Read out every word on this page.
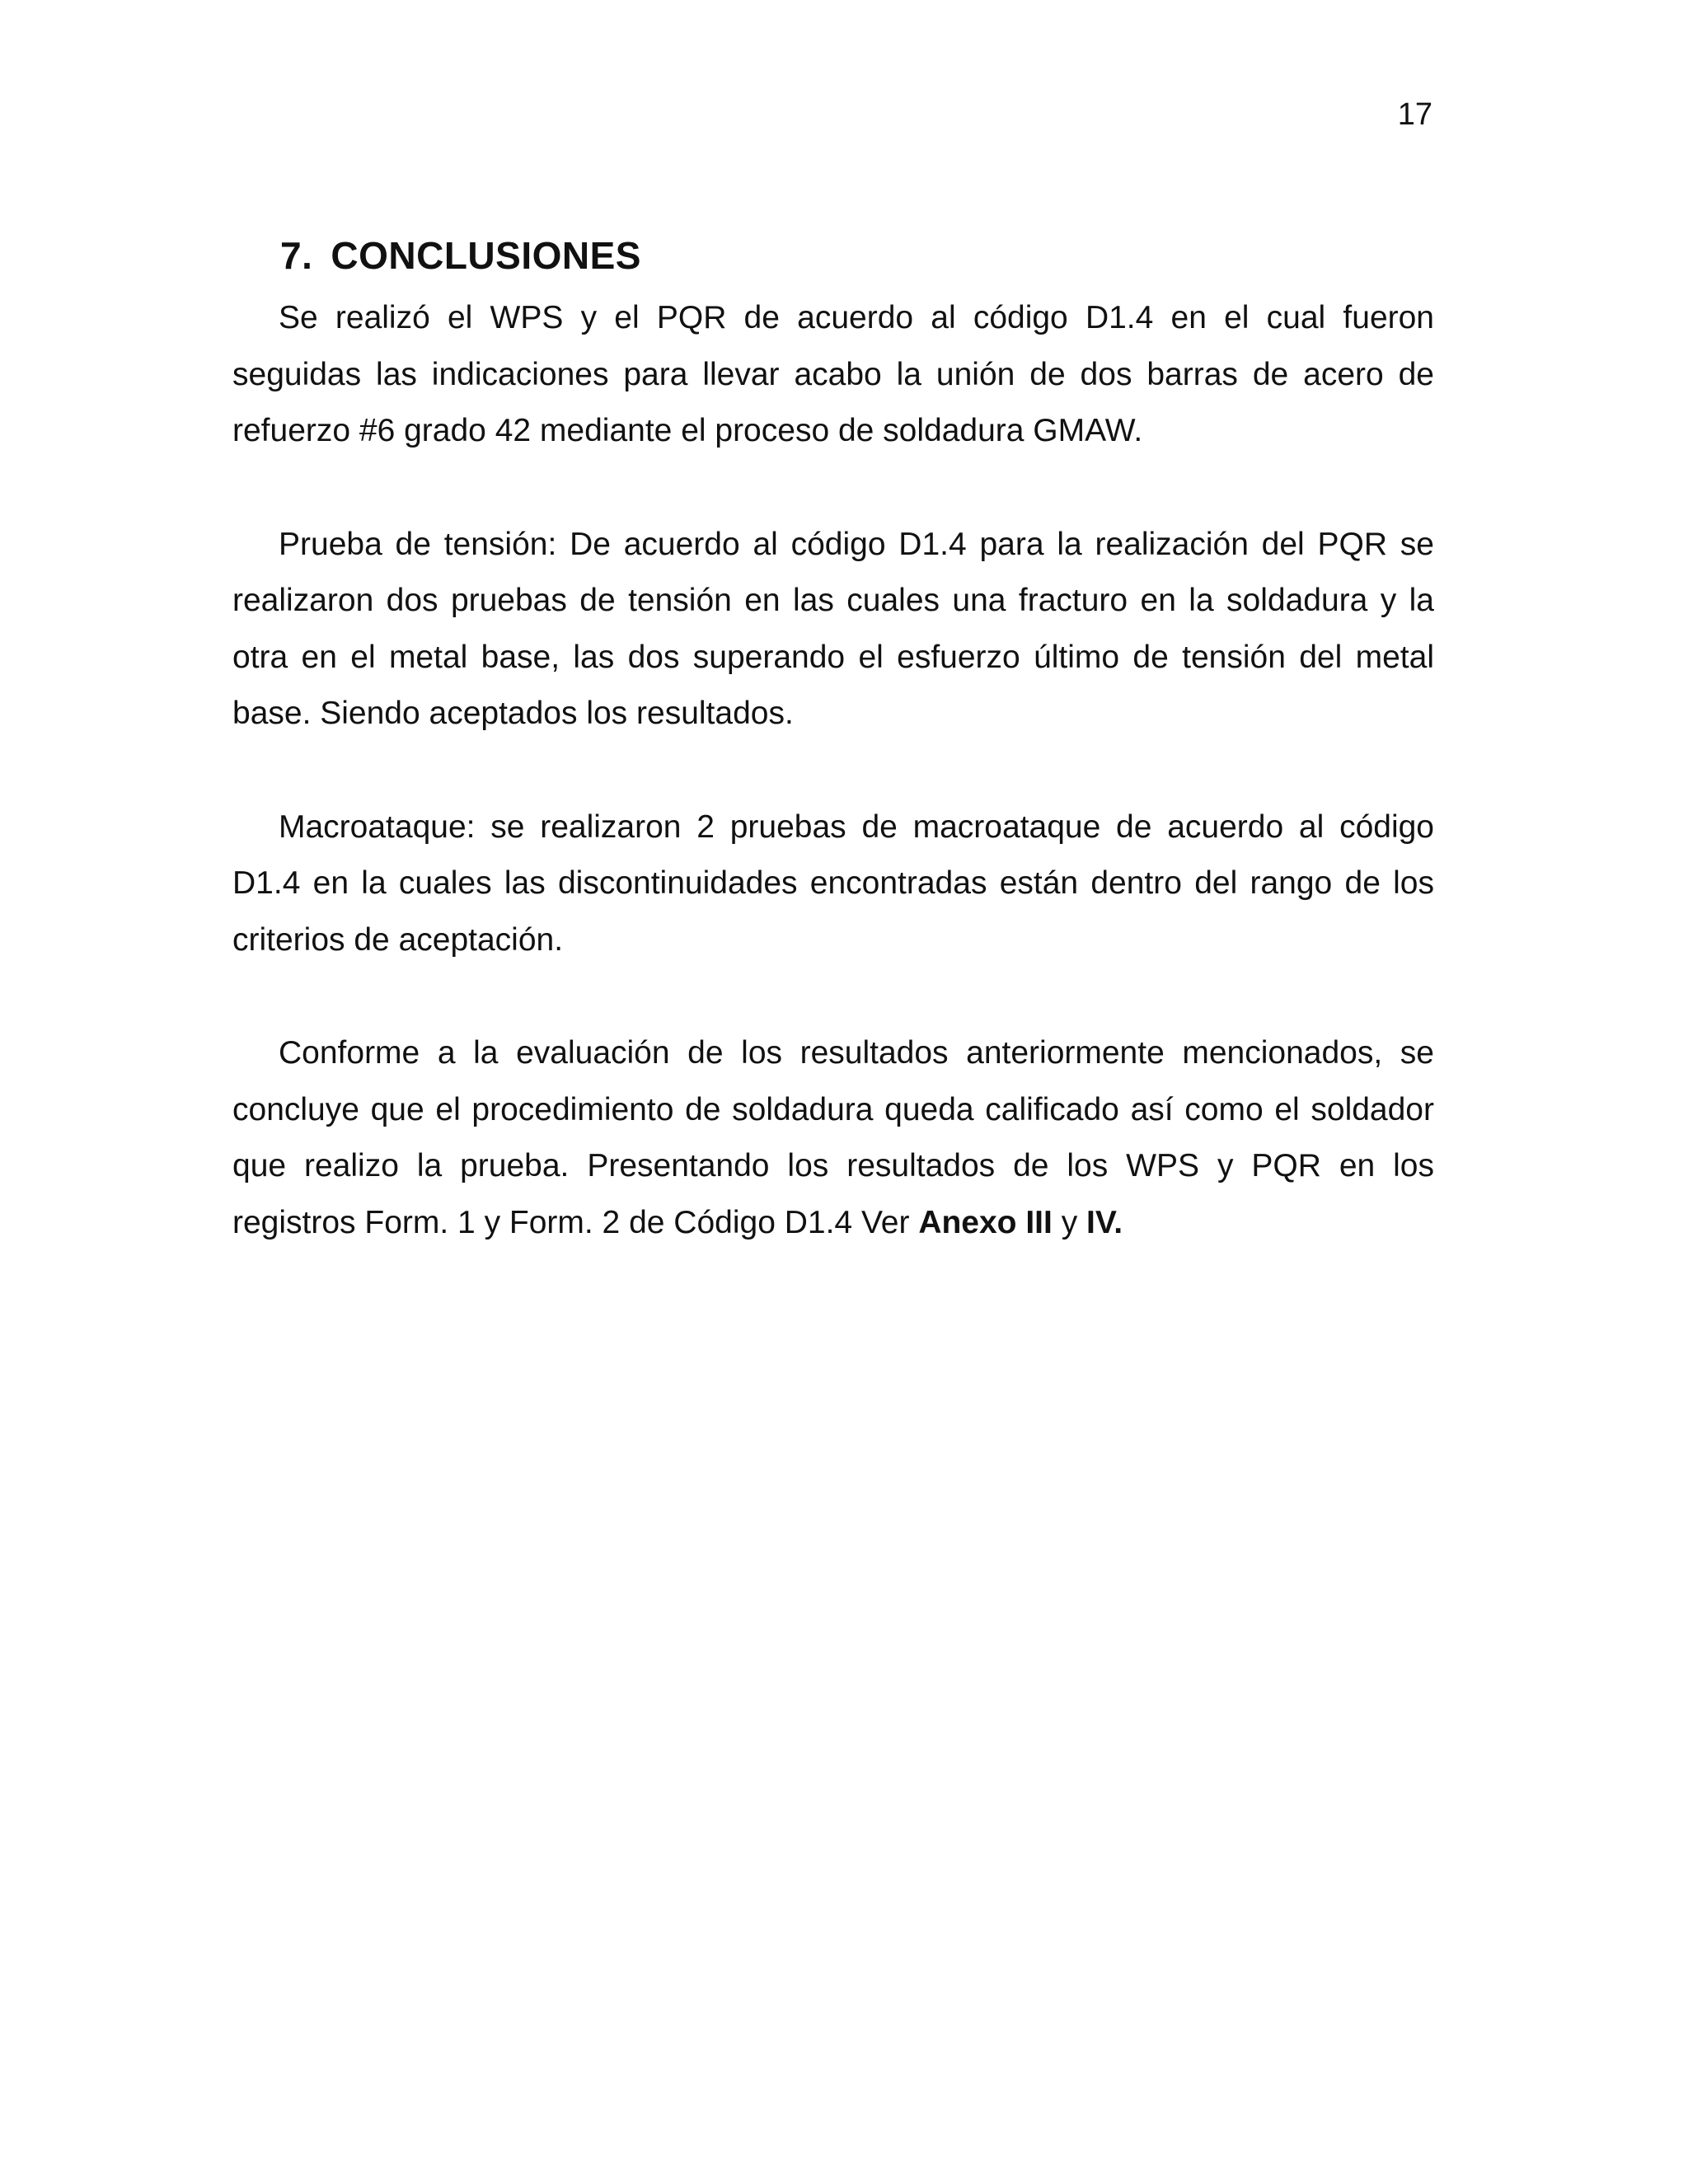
17
7. CONCLUSIONES

Se realizó el WPS y el PQR de acuerdo al código D1.4 en el cual fueron seguidas las indicaciones para llevar acabo la unión de dos barras de acero de refuerzo #6 grado 42 mediante el proceso de soldadura GMAW.

Prueba de tensión: De acuerdo al código D1.4 para la realización del PQR se realizaron dos pruebas de tensión en las cuales una fracturo en la soldadura y la otra en el metal base, las dos superando el esfuerzo último de tensión del metal base. Siendo aceptados los resultados.

Macroataque: se realizaron 2 pruebas de macroataque de acuerdo al código D1.4 en la cuales las discontinuidades encontradas están dentro del rango de los criterios de aceptación.

Conforme a la evaluación de los resultados anteriormente mencionados, se concluye que el procedimiento de soldadura queda calificado así como el soldador que realizo la prueba. Presentando los resultados de los WPS y PQR en los registros Form. 1 y Form. 2 de Código D1.4 Ver Anexo III y IV.
